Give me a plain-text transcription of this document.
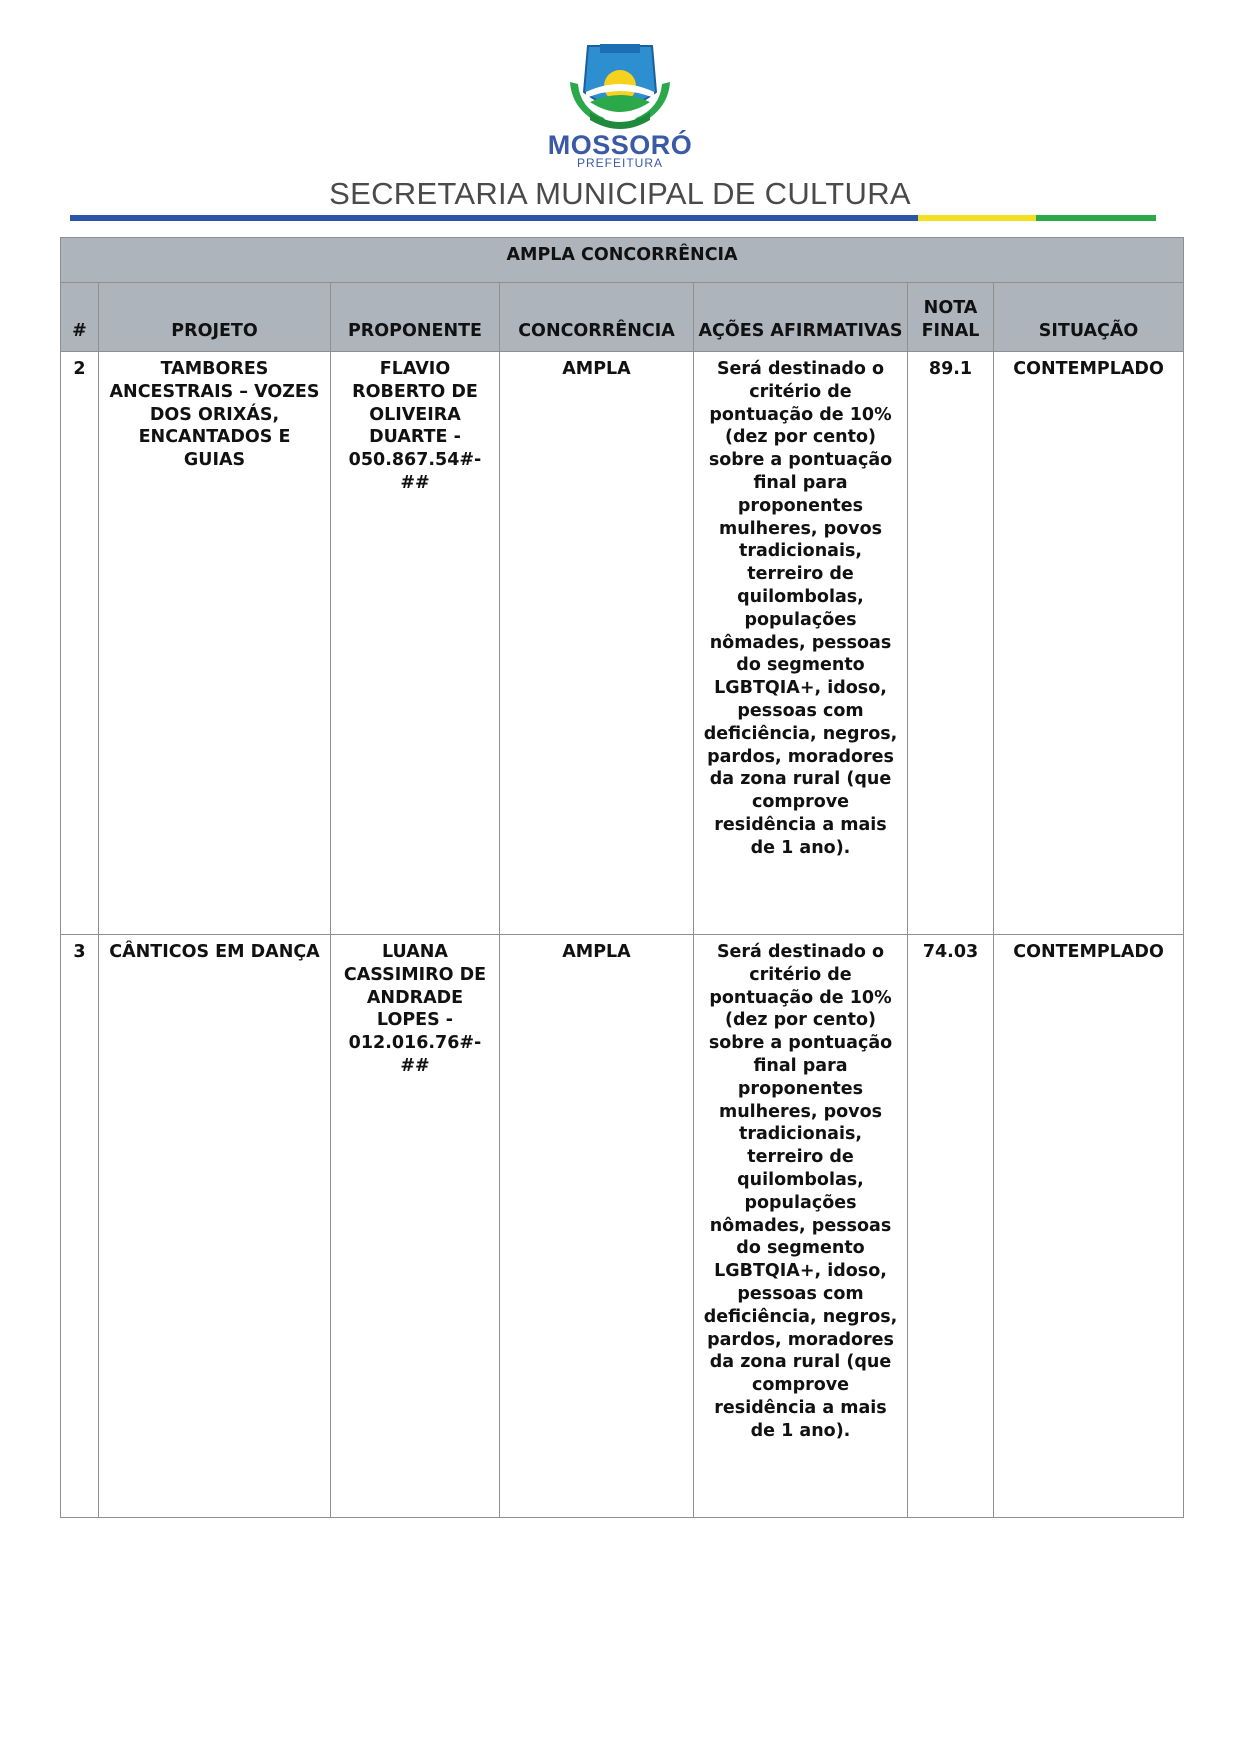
MOSSORÓ
PREFEITURA
SECRETARIA MUNICIPAL DE CULTURA
AMPLA CONCORRÊNCIA						
#	PROJETO	PROPONENTE	CONCORRÊNCIA	AÇÕES AFIRMATIVAS	NOTA FINAL	SITUAÇÃO
2	TAMBORES ANCESTRAIS – VOZES DOS ORIXÁS, ENCANTADOS E GUIAS	FLAVIO ROBERTO DE OLIVEIRA DUARTE - 050.867.54#-##	AMPLA	Será destinado o critério de pontuação de 10% (dez por cento) sobre a pontuação final para proponentes mulheres, povos tradicionais, terreiro de quilombolas, populações nômades, pessoas do segmento LGBTQIA+, idoso, pessoas com deficiência, negros, pardos, moradores da zona rural (que comprove residência a mais de 1 ano).	89.1	CONTEMPLADO
3	CÂNTICOS EM DANÇA	LUANA CASSIMIRO DE ANDRADE LOPES - 012.016.76#-##	AMPLA	Será destinado o critério de pontuação de 10% (dez por cento) sobre a pontuação final para proponentes mulheres, povos tradicionais, terreiro de quilombolas, populações nômades, pessoas do segmento LGBTQIA+, idoso, pessoas com deficiência, negros, pardos, moradores da zona rural (que comprove residência a mais de 1 ano).	74.03	CONTEMPLADO
